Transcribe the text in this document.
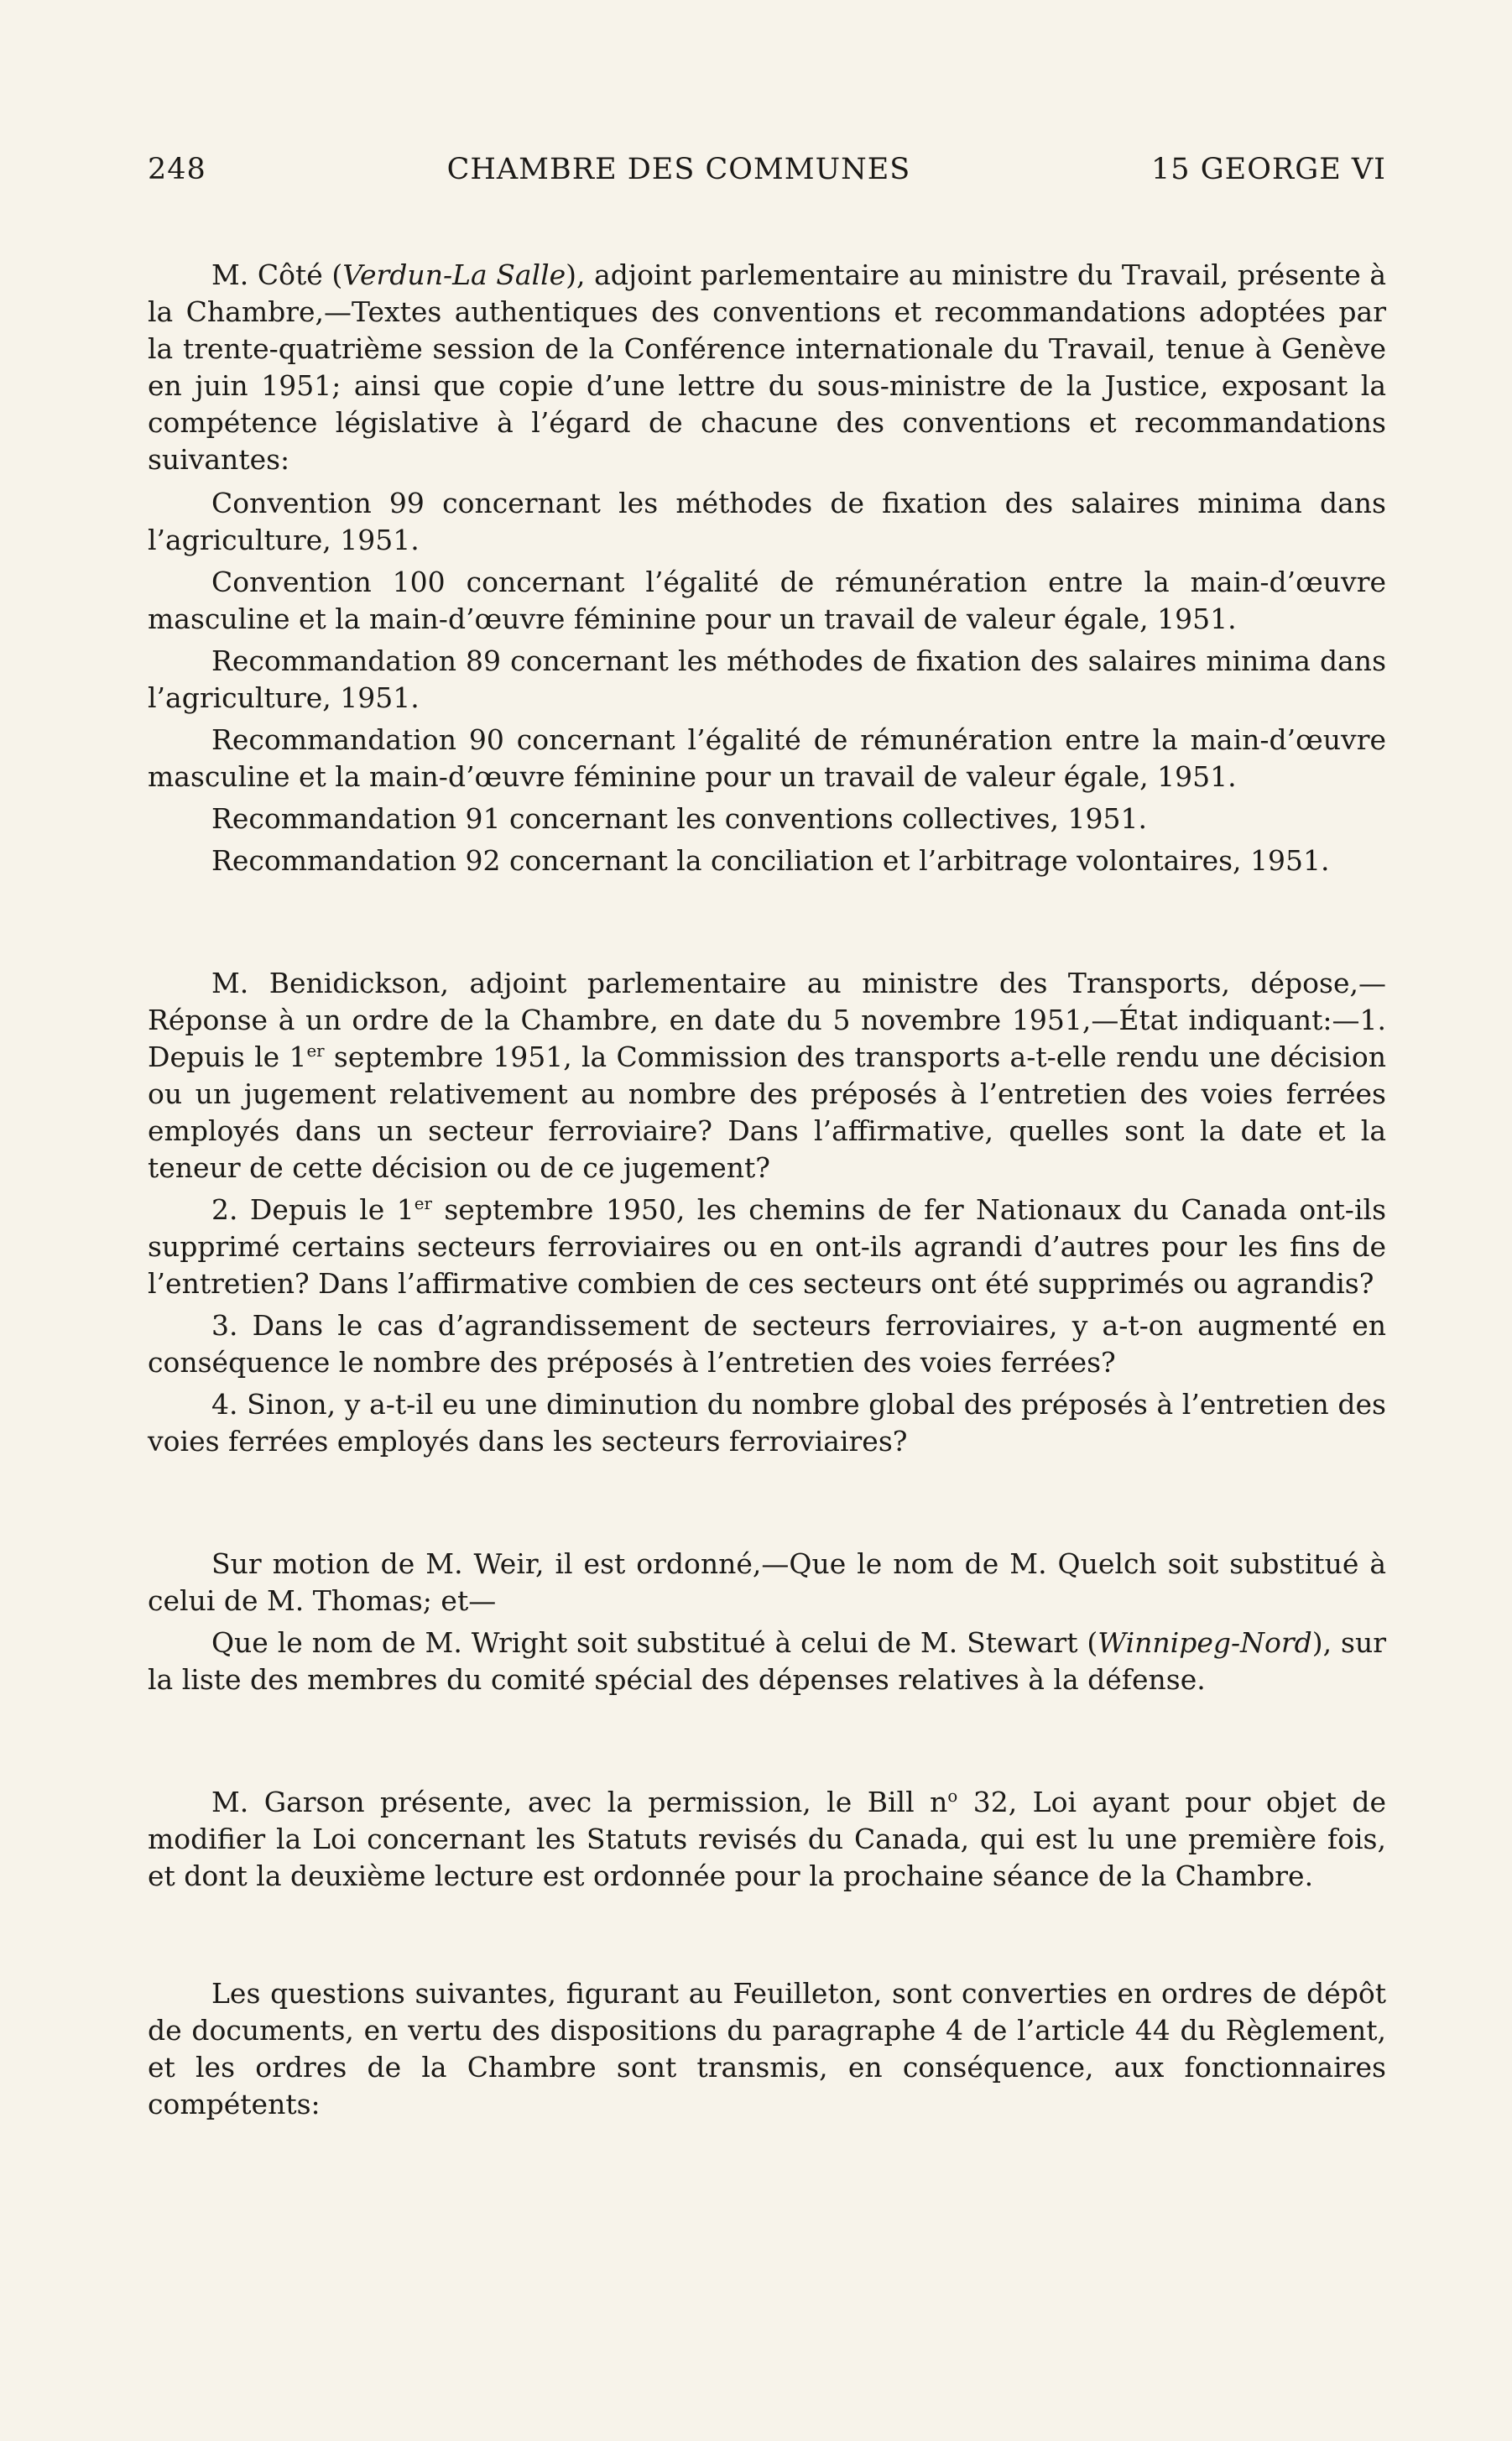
248	CHAMBRE DES COMMUNES	15 GEORGE VI

M. Côté (Verdun-La Salle), adjoint parlementaire au ministre du Travail, présente à la Chambre,—Textes authentiques des conventions et recommandations adoptées par la trente-quatrième session de la Conférence internationale du Travail, tenue à Genève en juin 1951; ainsi que copie d’une lettre du sous-ministre de la Justice, exposant la compétence législative à l’égard de chacune des conventions et recommandations suivantes:

Convention 99 concernant les méthodes de fixation des salaires minima dans l’agriculture, 1951.

Convention 100 concernant l’égalité de rémunération entre la main-d’œuvre masculine et la main-d’œuvre féminine pour un travail de valeur égale, 1951.

Recommandation 89 concernant les méthodes de fixation des salaires minima dans l’agriculture, 1951.

Recommandation 90 concernant l’égalité de rémunération entre la main-d’œuvre masculine et la main-d’œuvre féminine pour un travail de valeur égale, 1951.

Recommandation 91 concernant les conventions collectives, 1951.

Recommandation 92 concernant la conciliation et l’arbitrage volontaires, 1951.

M. Benidickson, adjoint parlementaire au ministre des Transports, dépose,—Réponse à un ordre de la Chambre, en date du 5 novembre 1951,—État indiquant:—1. Depuis le 1er septembre 1951, la Commission des transports a-t-elle rendu une décision ou un jugement relativement au nombre des préposés à l’entretien des voies ferrées employés dans un secteur ferroviaire? Dans l’affirmative, quelles sont la date et la teneur de cette décision ou de ce jugement?

2. Depuis le 1er septembre 1950, les chemins de fer Nationaux du Canada ont-ils supprimé certains secteurs ferroviaires ou en ont-ils agrandi d’autres pour les fins de l’entretien? Dans l’affirmative combien de ces secteurs ont été supprimés ou agrandis?

3. Dans le cas d’agrandissement de secteurs ferroviaires, y a-t-on augmenté en conséquence le nombre des préposés à l’entretien des voies ferrées?

4. Sinon, y a-t-il eu une diminution du nombre global des préposés à l’entretien des voies ferrées employés dans les secteurs ferroviaires?

Sur motion de M. Weir, il est ordonné,—Que le nom de M. Quelch soit substitué à celui de M. Thomas; et—

Que le nom de M. Wright soit substitué à celui de M. Stewart (Winnipeg-Nord), sur la liste des membres du comité spécial des dépenses relatives à la défense.

M. Garson présente, avec la permission, le Bill $n^o$ 32, Loi ayant pour objet de modifier la Loi concernant les Statuts revisés du Canada, qui est lu une première fois, et dont la deuxième lecture est ordonnée pour la prochaine séance de la Chambre.

Les questions suivantes, figurant au Feuilleton, sont converties en ordres de dépôt de documents, en vertu des dispositions du paragraphe 4 de l’article 44 du Règlement, et les ordres de la Chambre sont transmis, en conséquence, aux fonctionnaires compétents:
